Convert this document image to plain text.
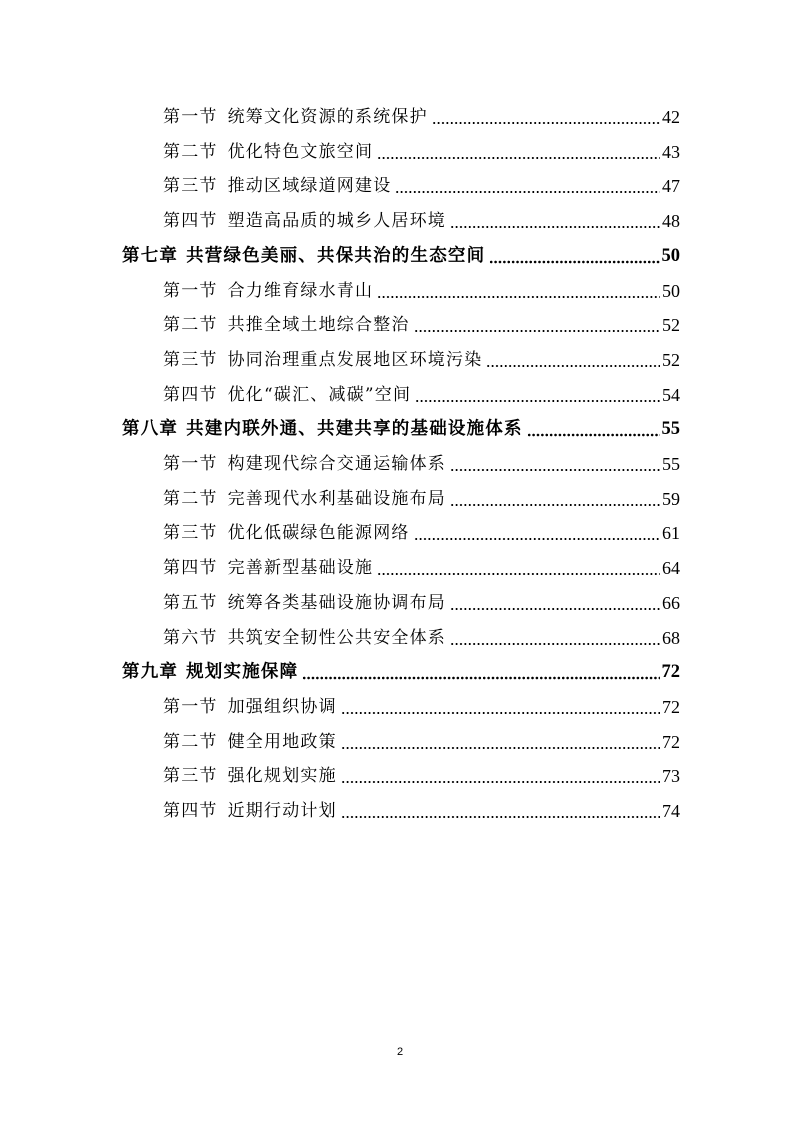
第一节 统筹文化资源的系统保护	42
第二节 优化特色文旅空间	43
第三节 推动区域绿道网建设	47
第四节 塑造高品质的城乡人居环境	48
第七章 共营绿色美丽、共保共治的生态空间	50
第一节 合力维育绿水青山	50
第二节 共推全域土地综合整治	52
第三节 协同治理重点发展地区环境污染	52
第四节 优化“碳汇、减碳”空间	54
第八章 共建内联外通、共建共享的基础设施体系	55
第一节 构建现代综合交通运输体系	55
第二节 完善现代水利基础设施布局	59
第三节 优化低碳绿色能源网络	61
第四节 完善新型基础设施	64
第五节 统筹各类基础设施协调布局	66
第六节 共筑安全韧性公共安全体系	68
第九章 规划实施保障	72
第一节 加强组织协调	72
第二节 健全用地政策	72
第三节 强化规划实施	73
第四节 近期行动计划	74
2
